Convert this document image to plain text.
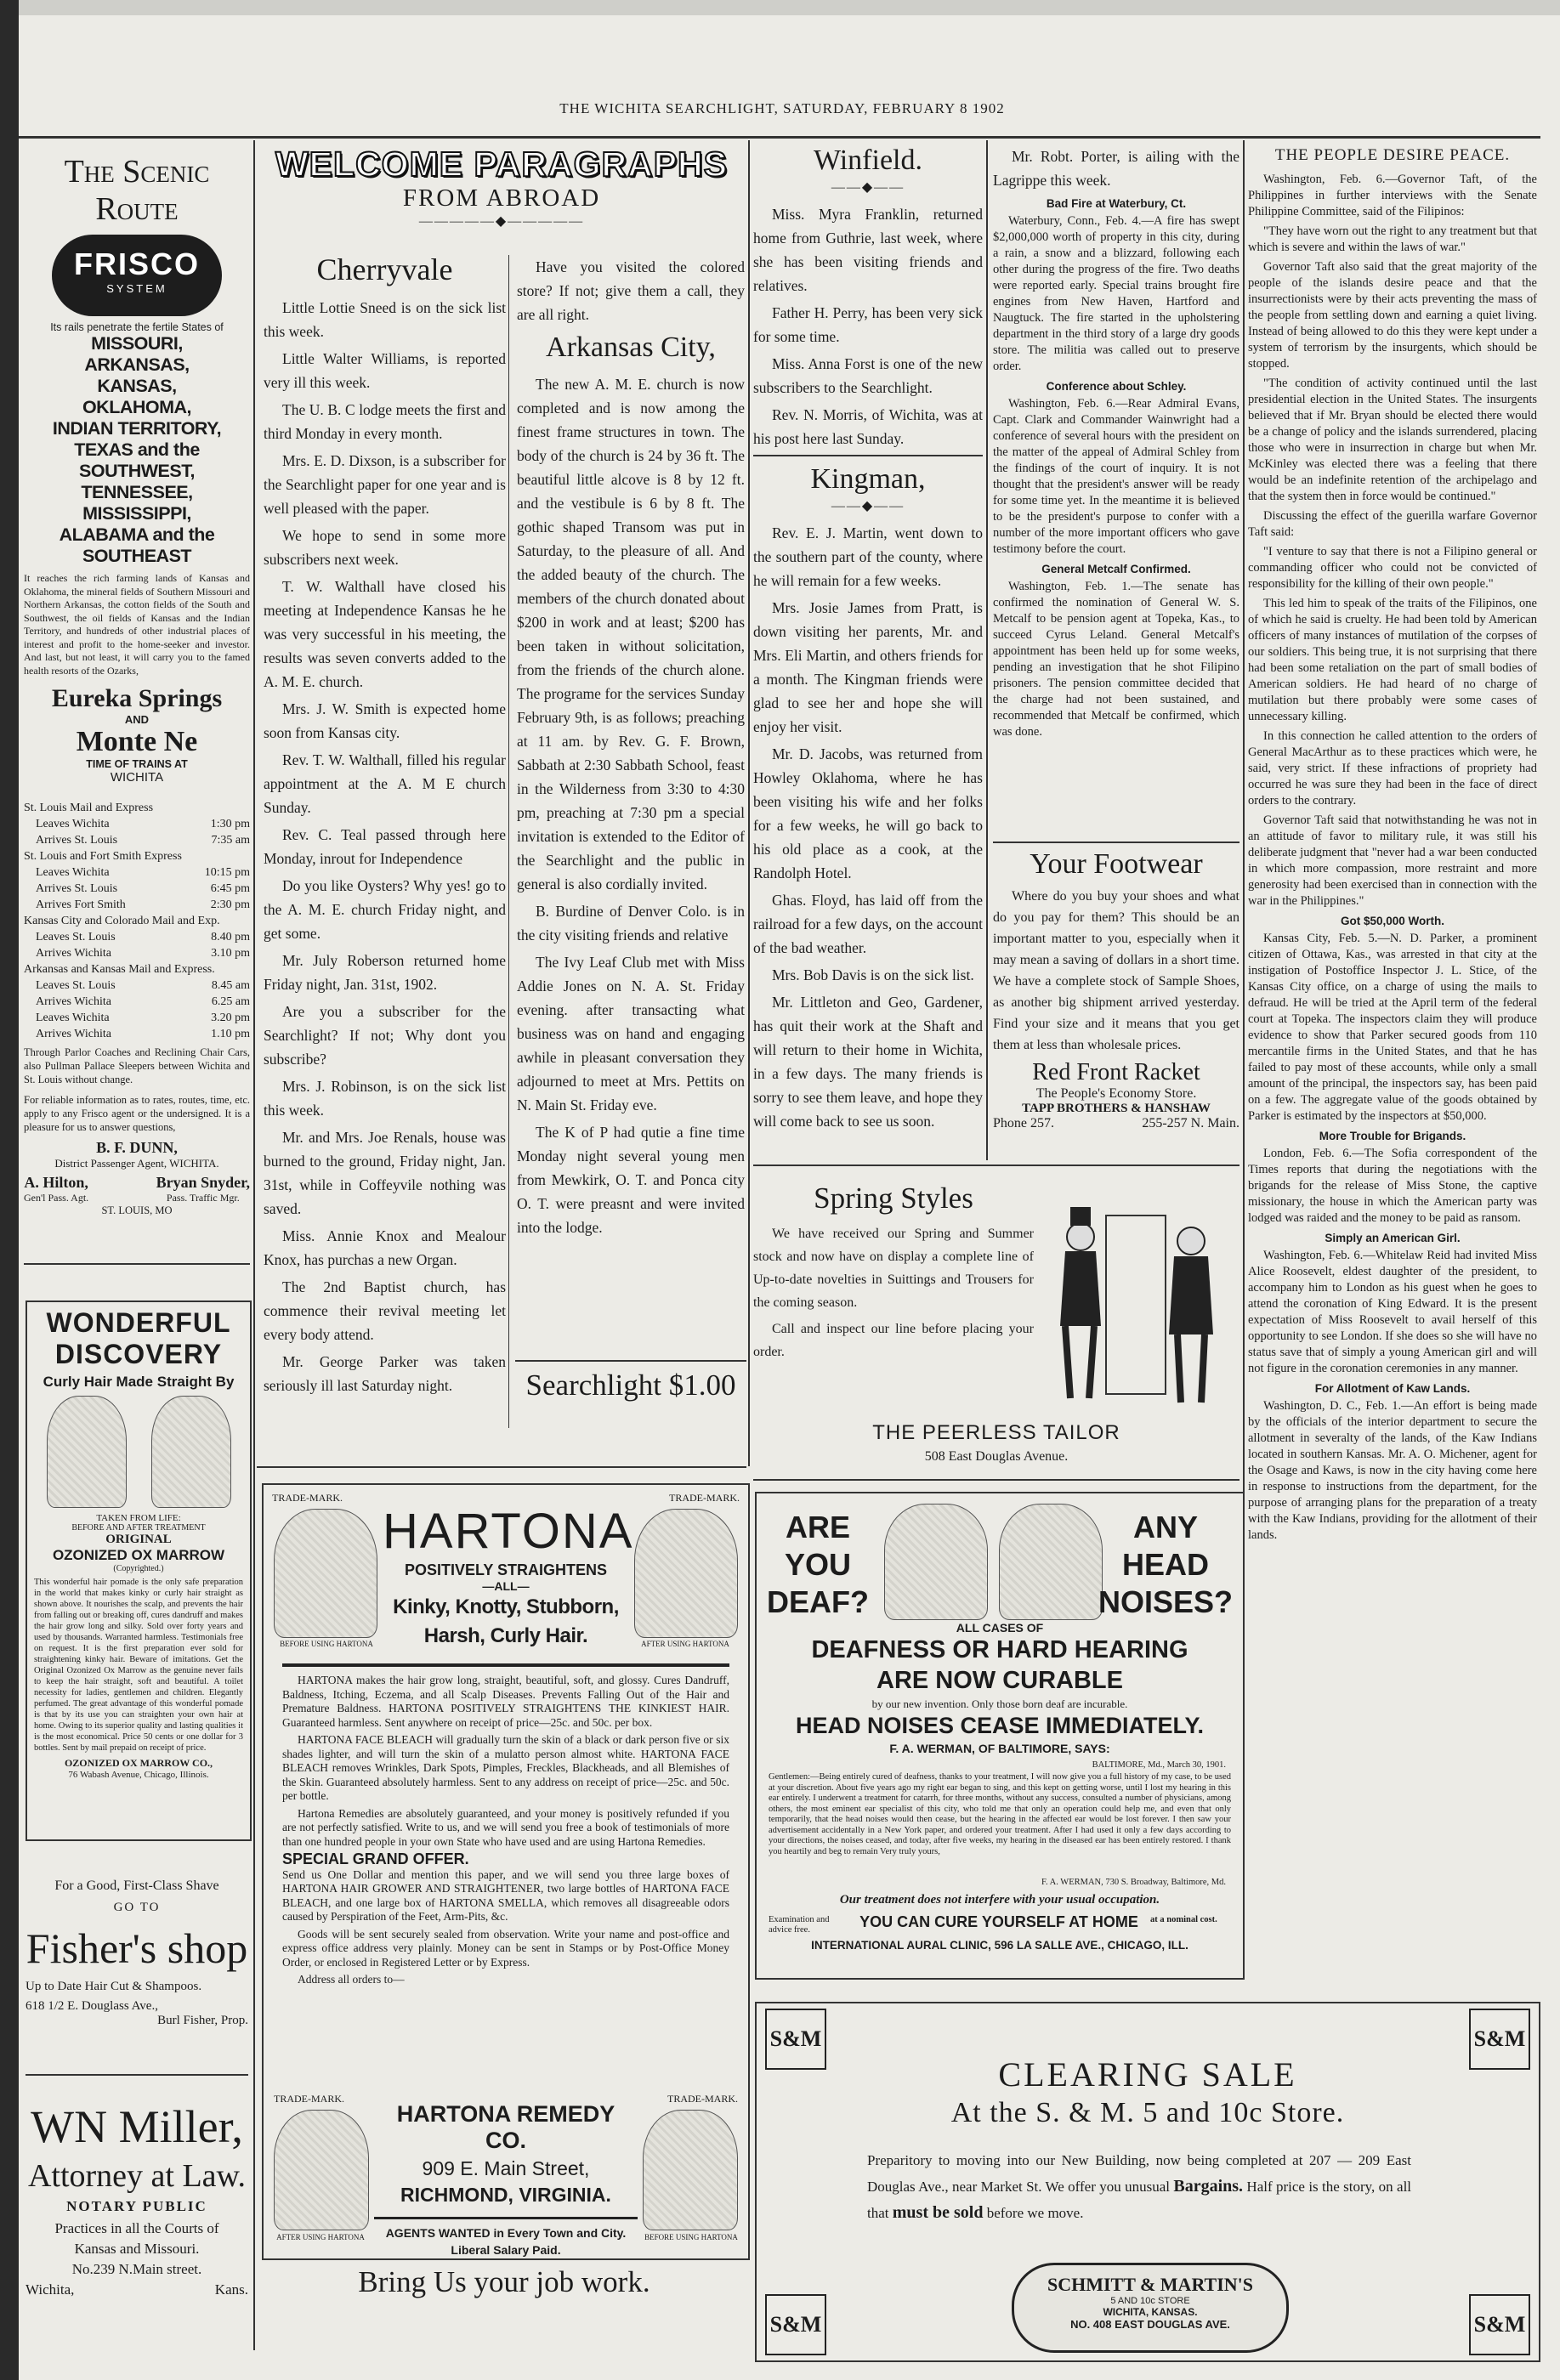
THE WICHITA SEARCHLIGHT, SATURDAY, FEBRUARY 8 1902
The Scenic Route
FRISCO
SYSTEM
Its rails penetrate the fertile States of
MISSOURI,
ARKANSAS,
KANSAS,
OKLAHOMA,
INDIAN TERRITORY,
TEXAS and the
SOUTHWEST,
TENNESSEE,
MISSISSIPPI,
ALABAMA and the
SOUTHEAST
It reaches the rich farming lands of Kansas and Oklahoma, the mineral fields of Southern Missouri and Northern Arkansas, the cotton fields of the South and Southwest, the oil fields of Kansas and the Indian Territory, and hundreds of other industrial places of interest and profit to the home-seeker and investor. And last, but not least, it will carry you to the famed health resorts of the Ozarks,
Eureka Springs
AND
Monte Ne
TIME OF TRAINS AT
WICHITA
St. Louis Mail and Express
Leaves Wichita	1:30 pm
Arrives St. Louis	7:35 am
St. Louis and Fort Smith Express
Leaves Wichita	10:15 pm
Arrives St. Louis	6:45 pm
Arrives Fort Smith	2:30 pm
Kansas City and Colorado Mail and Exp.
Leaves St. Louis	8.40 pm
Arrives Wichita	3.10 pm
Arkansas and Kansas Mail and Express.
Leaves St. Louis	8.45 am
Arrives Wichita	6.25 am
Leaves Wichita	3.20 pm
Arrives Wichita	1.10 pm
Through Parlor Coaches and Reclining Chair Cars, also Pullman Pallace Sleepers between Wichita and St. Louis without change.
For reliable information as to rates, routes, time, etc. apply to any Frisco agent or the undersigned. It is a pleasure for us to answer questions,
B. F. DUNN,
District Passenger Agent, WICHITA.
A. Hilton,
Gen'l Pass. Agt.
Bryan Snyder,
Pass. Traffic Mgr.
ST. LOUIS, MO
WONDERFUL
DISCOVERY
Curly Hair Made Straight By
TAKEN FROM LIFE:
BEFORE AND AFTER TREATMENT
ORIGINAL
OZONIZED OX MARROW
(Copyrighted.)
This wonderful hair pomade is the only safe preparation in the world that makes kinky or curly hair straight as shown above. It nourishes the scalp, and prevents the hair from falling out or breaking off, cures dandruff and makes the hair grow long and silky. Sold over forty years and used by thousands. Warranted harmless. Testimonials free on request. It is the first preparation ever sold for straightening kinky hair. Beware of imitations. Get the Original Ozonized Ox Marrow as the genuine never fails to keep the hair straight, soft and beautiful. A toilet necessity for ladies, gentlemen and children. Elegantly perfumed. The great advantage of this wonderful pomade is that by its use you can straighten your own hair at home. Owing to its superior quality and lasting qualities it is the most economical. Price 50 cents or one dollar for 3 bottles. Sent by mail prepaid on receipt of price.
OZONIZED OX MARROW CO.,
76 Wabash Avenue, Chicago, Illinois.
For a Good, First-Class Shave
GO TO
Fisher's shop
Up to Date Hair Cut & Shampoos.
618 1/2 E. Douglass Ave.,
Burl Fisher, Prop.
WN Miller,
Attorney at Law.
NOTARY PUBLIC
Practices in all the Courts of
Kansas and Missouri.
No.239 N.Main street.
Wichita,	Kans.
WELCOME PARAGRAPHS
FROM ABROAD
—————◆—————
Cherryvale

Little Lottie Sneed is on the sick list this week.

Little Walter Williams, is reported very ill this week.

The U. B. C lodge meets the first and third Monday in every month.

Mrs. E. D. Dixson, is a subscriber for the Searchlight paper for one year and is well pleased with the paper.

We hope to send in some more subscribers next week.

T. W. Walthall have closed his meeting at Independence Kansas he he was very successful in his meeting, the results was seven converts added to the A. M. E. church.

Mrs. J. W. Smith is expected home soon from Kansas city.

Rev. T. W. Walthall, filled his regular appointment at the A. M E church Sunday.

Rev. C. Teal passed through here Monday, inrout for Independence

Do you like Oysters? Why yes! go to the A. M. E. church Friday night, and get some.

Mr. July Roberson returned home Friday night, Jan. 31st, 1902.

Are you a subscriber for the Searchlight? If not; Why dont you subscribe?

Mrs. J. Robinson, is on the sick list this week.

Mr. and Mrs. Joe Renals, house was burned to the ground, Friday night, Jan. 31st, while in Coffeyvile nothing was saved.

Miss. Annie Knox and Mealour Knox, has purchas a new Organ.

The 2nd Baptist church, has commence their revival meeting let every body attend.

Mr. George Parker was taken seriously ill last Saturday night.

Have you visited the colored store? If not; give them a call, they are all right.

Arkansas City,

The new A. M. E. church is now completed and is now among the finest frame structures in town. The body of the church is 24 by 36 ft. The beautiful little alcove is 8 by 12 ft. and the vestibule is 6 by 8 ft. The gothic shaped Transom was put in Saturday, to the pleasure of all. And the added beauty of the church. The members of the church donated about $200 in work and at least; $200 has been taken in without solicitation, from the friends of the church alone. The programe for the services Sunday February 9th, is as follows; preaching at 11 am. by Rev. G. F. Brown, Sabbath at 2:30 Sabbath School, feast in the Wilderness from 3:30 to 4:30 pm, preaching at 7:30 pm a special invitation is extended to the Editor of the Searchlight and the public in general is also cordially invited.

B. Burdine of Denver Colo. is in the city visiting friends and relative

The Ivy Leaf Club met with Miss Addie Jones on N. A. St. Friday evening. after transacting what business was on hand and engaging awhile in pleasant conversation they adjourned to meet at Mrs. Pettits on N. Main St. Friday eve.

The K of P had qutie a fine time Monday night several young men from Mewkirk, O. T. and Ponca city O. T. were preasnt and were invited into the lodge.

Searchlight $1.00
Winfield.
——◆——

Miss. Myra Franklin, returned home from Guthrie, last week, where she has been visiting friends and relatives.

Father H. Perry, has been very sick for some time.

Miss. Anna Forst is one of the new subscribers to the Searchlight.

Rev. N. Morris, of Wichita, was at his post here last Sunday.

Kingman,
——◆——

Rev. E. J. Martin, went down to the southern part of the county, where he will remain for a few weeks.

Mrs. Josie James from Pratt, is down visiting her parents, Mr. and Mrs. Eli Martin, and others friends for a month. The Kingman friends were glad to see her and hope she will enjoy her visit.

Mr. D. Jacobs, was returned from Howley Oklahoma, where he has been visiting his wife and her folks for a few weeks, he will go back to his old place as a cook, at the Randolph Hotel.

Ghas. Floyd, has laid off from the railroad for a few days, on the account of the bad weather.

Mrs. Bob Davis is on the sick list.

Mr. Littleton and Geo, Gardener, has quit their work at the Shaft and will return to their home in Wichita, in a few days. The many friends is sorry to see them leave, and hope they will come back to see us soon.

Mr. Robt. Porter, is ailing with the Lagrippe this week.

Bad Fire at Waterbury, Ct.

Waterbury, Conn., Feb. 4.—A fire has swept $2,000,000 worth of property in this city, during a rain, a snow and a blizzard, following each other during the progress of the fire. Two deaths were reported early. Special trains brought fire engines from New Haven, Hartford and Naugtuck. The fire started in the upholstering department in the third story of a large dry goods store. The militia was called out to preserve order.

Conference about Schley.

Washington, Feb. 6.—Rear Admiral Evans, Capt. Clark and Commander Wainwright had a conference of several hours with the president on the matter of the appeal of Admiral Schley from the findings of the court of inquiry. It is not thought that the president's answer will be ready for some time yet. In the meantime it is believed to be the president's purpose to confer with a number of the more important officers who gave testimony before the court.

General Metcalf Confirmed.

Washington, Feb. 1.—The senate has confirmed the nomination of General W. S. Metcalf to be pension agent at Topeka, Kas., to succeed Cyrus Leland. General Metcalf's appointment has been held up for some weeks, pending an investigation that he shot Filipino prisoners. The pension committee decided that the charge had not been sustained, and recommended that Metcalf be confirmed, which was done.

Your Footwear

Where do you buy your shoes and what do you pay for them? This should be an important matter to you, especially when it may mean a saving of dollars in a short time. We have a complete stock of Sample Shoes, as another big shipment arrived yesterday. Find your size and it means that you get them at less than wholesale prices.

Red Front Racket
The People's Economy Store.
TAPP BROTHERS & HANSHAW
Phone 257.	255-257 N. Main.
Spring Styles

We have received our Spring and Summer stock and now have on display a complete line of Up-to-date novelties in Suittings and Trousers for the coming season.

Call and inspect our line before placing your order.

THE PEERLESS TAILOR
508 East Douglas Avenue.
THE PEOPLE DESIRE PEACE.

Washington, Feb. 6.—Governor Taft, of the Philippines in further interviews with the Senate Philippine Committee, said of the Filipinos:

"They have worn out the right to any treatment but that which is severe and within the laws of war."

Governor Taft also said that the great majority of the people of the islands desire peace and that the insurrectionists were by their acts preventing the mass of the people from settling down and earning a quiet living. Instead of being allowed to do this they were kept under a system of terrorism by the insurgents, which should be stopped.

"The condition of activity continued until the last presidential election in the United States. The insurgents believed that if Mr. Bryan should be elected there would be a change of policy and the islands surrendered, placing those who were in insurrection in charge but when Mr. McKinley was elected there was a feeling that there would be an indefinite retention of the archipelago and that the system then in force would be continued."

Discussing the effect of the guerilla warfare Governor Taft said:

"I venture to say that there is not a Filipino general or commanding officer who could not be convicted of responsibility for the killing of their own people."

This led him to speak of the traits of the Filipinos, one of which he said is cruelty. He had been told by American officers of many instances of mutilation of the corpses of our soldiers. This being true, it is not surprising that there had been some retaliation on the part of small bodies of American soldiers. He had heard of no charge of mutilation but there probably were some cases of unnecessary killing.

In this connection he called attention to the orders of General MacArthur as to these practices which were, he said, very strict. If these infractions of propriety had occurred he was sure they had been in the face of direct orders to the contrary.

Governor Taft said that notwithstanding he was not in an attitude of favor to military rule, it was still his deliberate judgment that "never had a war been conducted in which more compassion, more restraint and more generosity had been exercised than in connection with the war in the Philippines."

Got $50,000 Worth.

Kansas City, Feb. 5.—N. D. Parker, a prominent citizen of Ottawa, Kas., was arrested in that city at the instigation of Postoffice Inspector J. L. Stice, of the Kansas City office, on a charge of using the mails to defraud. He will be tried at the April term of the federal court at Topeka. The inspectors claim they will produce evidence to show that Parker secured goods from 110 mercantile firms in the United States, and that he has failed to pay most of these accounts, while only a small amount of the principal, the inspectors say, has been paid on a few. The aggregate value of the goods obtained by Parker is estimated by the inspectors at $50,000.

More Trouble for Brigands.

London, Feb. 6.—The Sofia correspondent of the Times reports that during the negotiations with the brigands for the release of Miss Stone, the captive missionary, the house in which the American party was lodged was raided and the money to be paid as ransom.

Simply an American Girl.

Washington, Feb. 6.—Whitelaw Reid had invited Miss Alice Roosevelt, eldest daughter of the president, to accompany him to London as his guest when he goes to attend the coronation of King Edward. It is the present expectation of Miss Roosevelt to avail herself of this opportunity to see London. If she does so she will have no status save that of simply a young American girl and will not figure in the coronation ceremonies in any manner.

For Allotment of Kaw Lands.

Washington, D. C., Feb. 1.—An effort is being made by the officials of the interior department to secure the allotment in severalty of the lands, of the Kaw Indians located in southern Kansas. Mr. A. O. Michener, agent for the Osage and Kaws, is now in the city having come here in response to instructions from the department, for the purpose of arranging plans for the preparation of a treaty with the Kaw Indians, providing for the allotment of their lands.

TRADE-MARK.	TRADE-MARK.
BEFORE USING HARTONA	AFTER USING HARTONA
HARTONA
POSITIVELY STRAIGHTENS
—ALL—
Kinky, Knotty, Stubborn,
Harsh, Curly Hair.

HARTONA makes the hair grow long, straight, beautiful, soft, and glossy. Cures Dandruff, Baldness, Itching, Eczema, and all Scalp Diseases. Prevents Falling Out of the Hair and Premature Baldness. HARTONA POSITIVELY STRAIGHTENS THE KINKIEST HAIR. Guaranteed harmless. Sent anywhere on receipt of price—25c. and 50c. per box.

HARTONA FACE BLEACH will gradually turn the skin of a black or dark person five or six shades lighter, and will turn the skin of a mulatto person almost white. HARTONA FACE BLEACH removes Wrinkles, Dark Spots, Pimples, Freckles, Blackheads, and all Blemishes of the Skin. Guaranteed absolutely harmless. Sent to any address on receipt of price—25c. and 50c. per bottle.

Hartona Remedies are absolutely guaranteed, and your money is positively refunded if you are not perfectly satisfied. Write to us, and we will send you free a book of testimonials of more than one hundred people in your own State who have used and are using Hartona Remedies.

SPECIAL GRAND OFFER.

Send us One Dollar and mention this paper, and we will send you three large boxes of HARTONA HAIR GROWER AND STRAIGHTENER, two large bottles of HARTONA FACE BLEACH, and one large box of HARTONA SMELLA, which removes all disagreeable odors caused by Perspiration of the Feet, Arm-Pits, &c.

Goods will be sent securely sealed from observation. Write your name and post-office and express office address very plainly. Money can be sent in Stamps or by Post-Office Money Order, or enclosed in Registered Letter or by Express.

Address all orders to—

TRADE-MARK.	TRADE-MARK.
AFTER USING HARTONA	BEFORE USING HARTONA
HARTONA REMEDY CO.
909 E. Main Street,
RICHMOND, VIRGINIA.
AGENTS WANTED in Every Town and City. Liberal Salary Paid.
Bring Us your job work.
ARE
YOU
DEAF?
ANY
HEAD
NOISES?
ALL CASES OF
DEAFNESS OR HARD HEARING
ARE NOW CURABLE
by our new invention. Only those born deaf are incurable.
HEAD NOISES CEASE IMMEDIATELY.
F. A. WERMAN, OF BALTIMORE, SAYS:
BALTIMORE, Md., March 30, 1901.
Gentlemen:—Being entirely cured of deafness, thanks to your treatment, I will now give you a full history of my case, to be used at your discretion. About five years ago my right ear began to sing, and this kept on getting worse, until I lost my hearing in this ear entirely. I underwent a treatment for catarrh, for three months, without any success, consulted a number of physicians, among others, the most eminent ear specialist of this city, who told me that only an operation could help me, and even that only temporarily, that the head noises would then cease, but the hearing in the affected ear would be lost forever. I then saw your advertisement accidentally in a New York paper, and ordered your treatment. After I had used it only a few days according to your directions, the noises ceased, and today, after five weeks, my hearing in the diseased ear has been entirely restored. I thank you heartily and beg to remain Very truly yours,
F. A. WERMAN, 730 S. Broadway, Baltimore, Md.
Our treatment does not interfere with your usual occupation.
Examination and advice free.	YOU CAN CURE YOURSELF AT HOME	at a nominal cost.
INTERNATIONAL AURAL CLINIC, 596 LA SALLE AVE., CHICAGO, ILL.
S&M	S&M
S&M	S&M
CLEARING SALE
At the S. & M. 5 and 10c Store.
Preparitory to moving into our New Building, now being completed at 207 — 209 East Douglas Ave., near Market St. We offer you unusual Bargains. Half price is the story, on all that must be sold before we move.
SCHMITT & MARTIN'S
5 AND 10c STORE
WICHITA, KANSAS.
NO. 408 EAST DOUGLAS AVE.
